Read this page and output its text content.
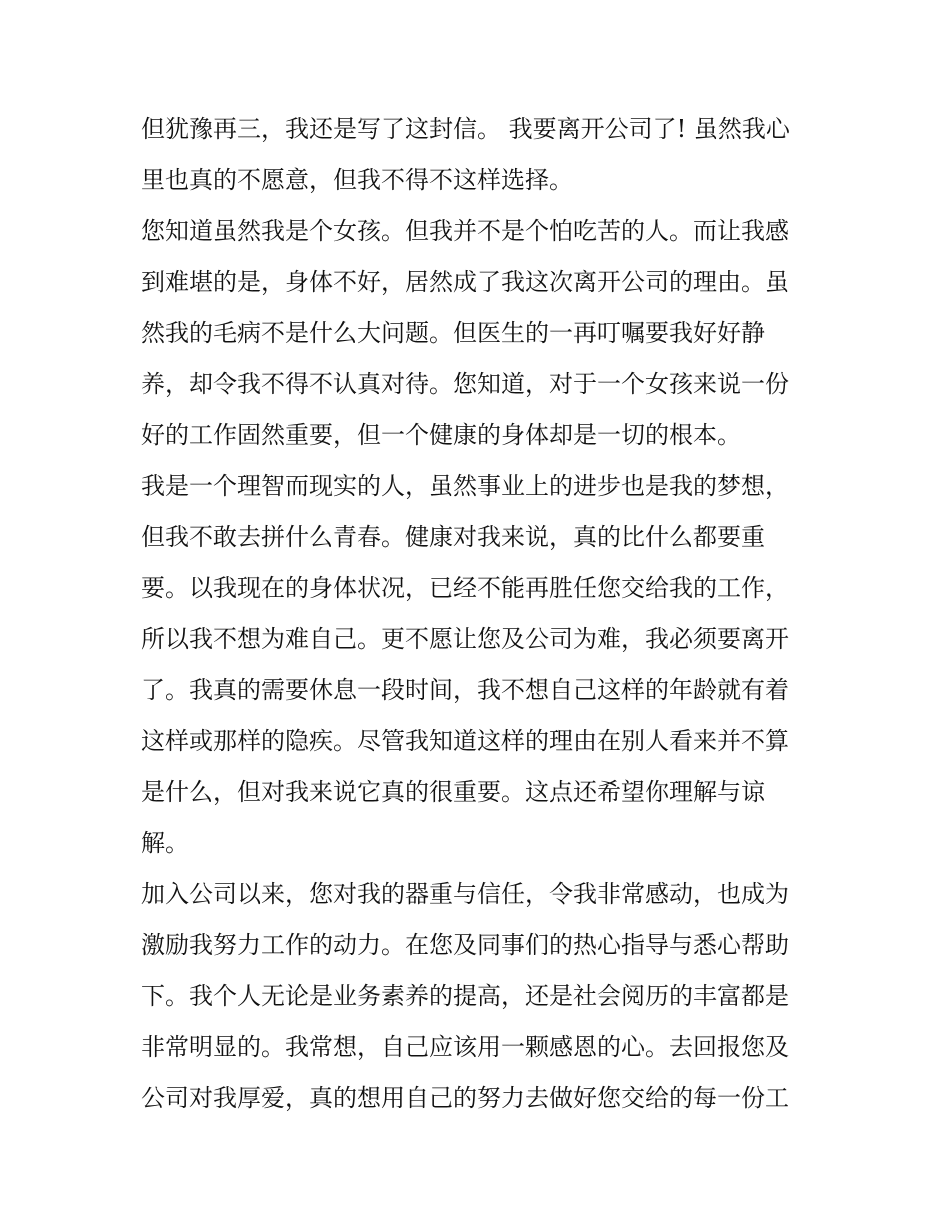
但犹豫再三，我还是写了这封信。 我要离开公司了! 虽然我心

里也真的不愿意，但我不得不这样选择。

您知道虽然我是个女孩。但我并不是个怕吃苦的人。而让我感

到难堪的是，身体不好，居然成了我这次离开公司的理由。虽

然我的毛病不是什么大问题。但医生的一再叮嘱要我好好静

养，却令我不得不认真对待。您知道，对于一个女孩来说一份

好的工作固然重要，但一个健康的身体却是一切的根本。

我是一个理智而现实的人，虽然事业上的进步也是我的梦想，

但我不敢去拼什么青春。健康对我来说，真的比什么都要重

要。以我现在的身体状况，已经不能再胜任您交给我的工作，

所以我不想为难自己。更不愿让您及公司为难，我必须要离开

了。我真的需要休息一段时间，我不想自己这样的年龄就有着

这样或那样的隐疾。尽管我知道这样的理由在别人看来并不算

是什么，但对我来说它真的很重要。这点还希望你理解与谅

解。

加入公司以来，您对我的器重与信任，令我非常感动，也成为

激励我努力工作的动力。在您及同事们的热心指导与悉心帮助

下。我个人无论是业务素养的提高，还是社会阅历的丰富都是

非常明显的。我常想，自己应该用一颗感恩的心。去回报您及

公司对我厚爱，真的想用自己的努力去做好您交给的每一份工
